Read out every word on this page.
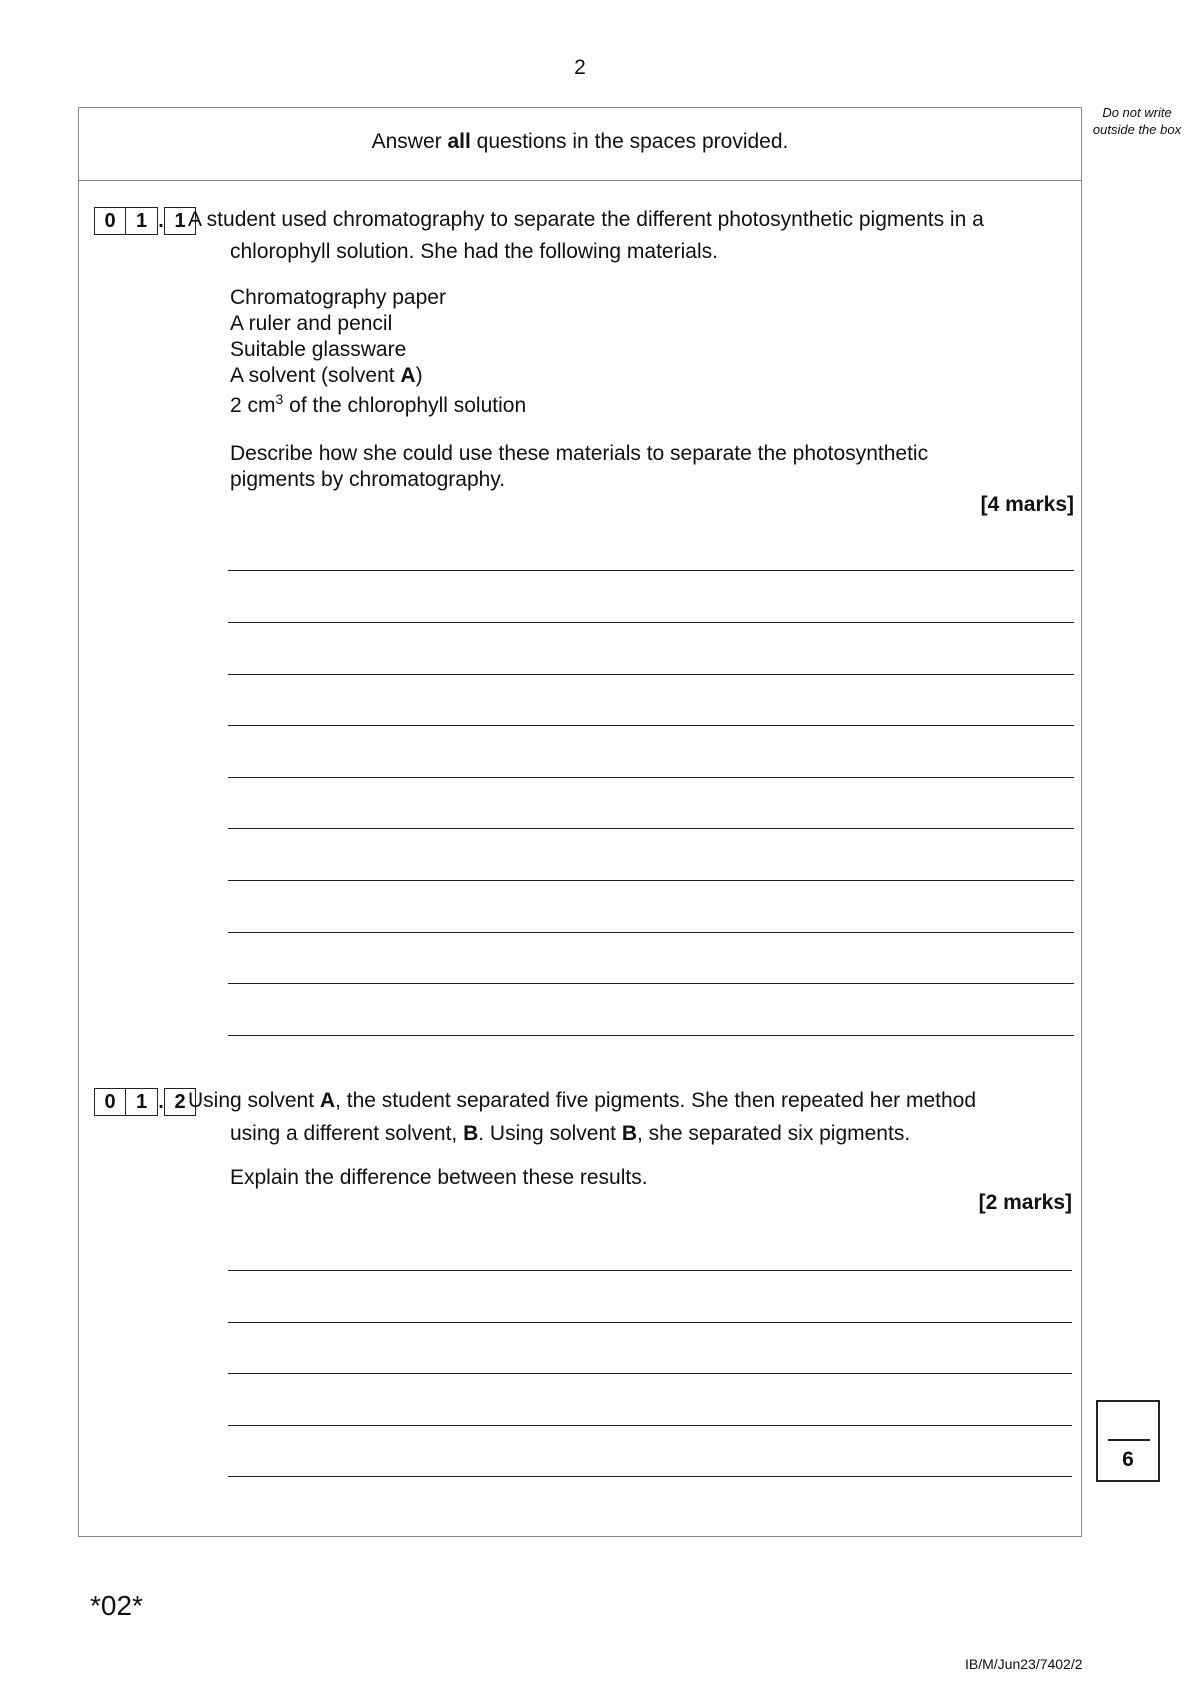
2
Do not write outside the box
Answer all questions in the spaces provided.
0	1 . 1 A student used chromatography to separate the different photosynthetic pigments in a
chlorophyll solution. She had the following materials.
Chromatography paper
A ruler and pencil
Suitable glassware
A solvent (solvent A)
2 $cm^3$ of the chlorophyll solution
Describe how she could use these materials to separate the photosynthetic
pigments by chromatography.
[4 marks]
0	1 . 2 Using solvent A, the student separated five pigments. She then repeated her method
using a different solvent, B. Using solvent B, she separated six pigments.
Explain the difference between these results.
[2 marks]
6
*02*
IB/M/Jun23/7402/2
